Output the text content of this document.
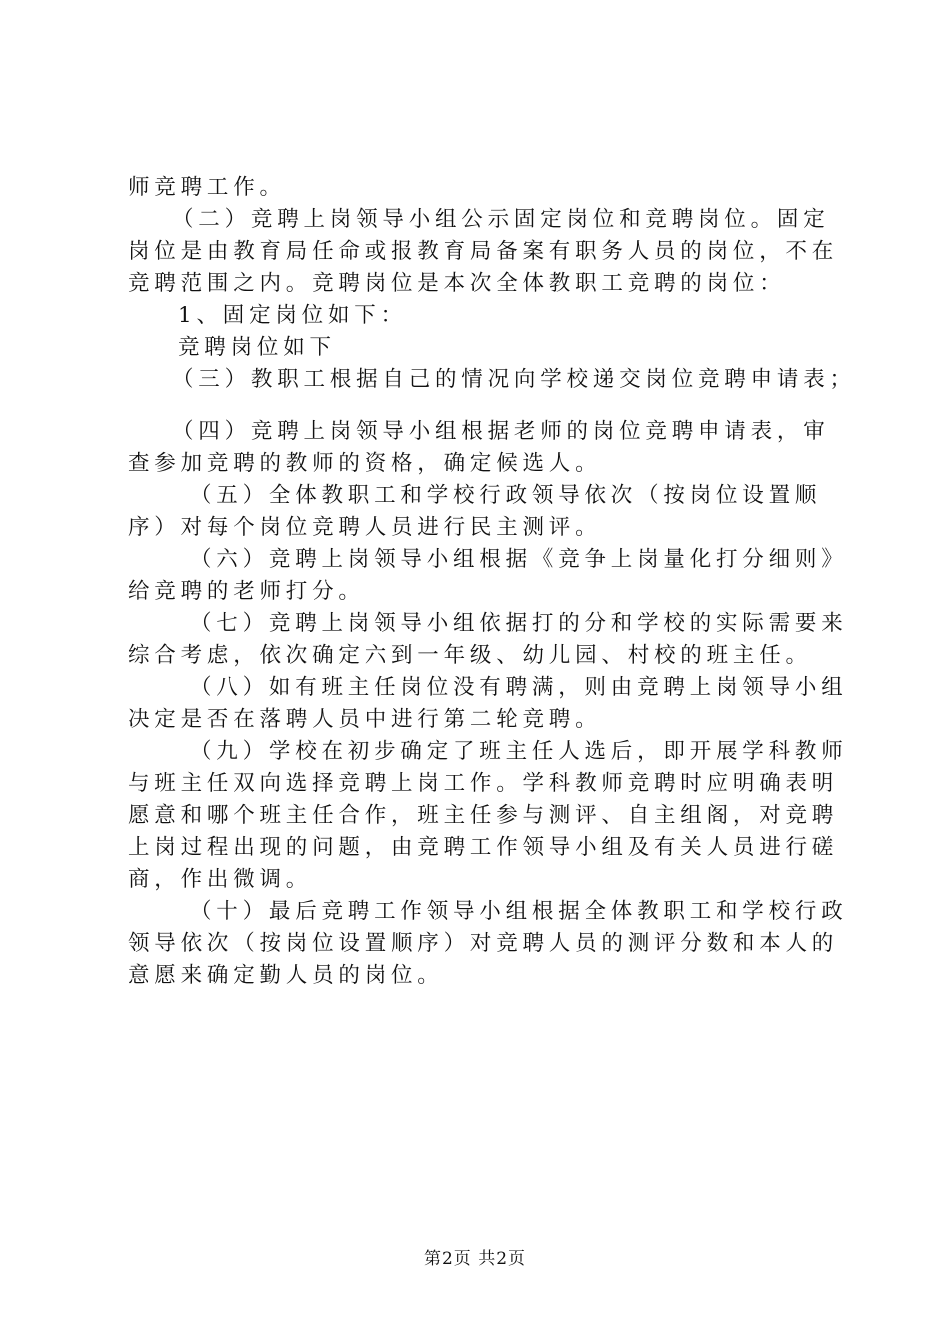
师竞聘工作。
（二）竞聘上岗领导小组公示固定岗位和竞聘岗位。固定
岗位是由教育局任命或报教育局备案有职务人员的岗位，不在
竞聘范围之内。竞聘岗位是本次全体教职工竞聘的岗位：
1、固定岗位如下：
竞聘岗位如下
（三）教职工根据自己的情况向学校递交岗位竞聘申请表；
（四）竞聘上岗领导小组根据老师的岗位竞聘申请表，审
查参加竞聘的教师的资格，确定候选人。
（五）全体教职工和学校行政领导依次（按岗位设置顺
序）对每个岗位竞聘人员进行民主测评。
（六）竞聘上岗领导小组根据《竞争上岗量化打分细则》
给竞聘的老师打分。
（七）竞聘上岗领导小组依据打的分和学校的实际需要来
综合考虑，依次确定六到一年级、幼儿园、村校的班主任。
（八）如有班主任岗位没有聘满，则由竞聘上岗领导小组
决定是否在落聘人员中进行第二轮竞聘。
（九）学校在初步确定了班主任人选后，即开展学科教师
与班主任双向选择竞聘上岗工作。学科教师竞聘时应明确表明
愿意和哪个班主任合作，班主任参与测评、自主组阁，对竞聘
上岗过程出现的问题，由竞聘工作领导小组及有关人员进行磋
商，作出微调。
（十）最后竞聘工作领导小组根据全体教职工和学校行政
领导依次（按岗位设置顺序）对竞聘人员的测评分数和本人的
意愿来确定勤人员的岗位。
第2页 共2页
